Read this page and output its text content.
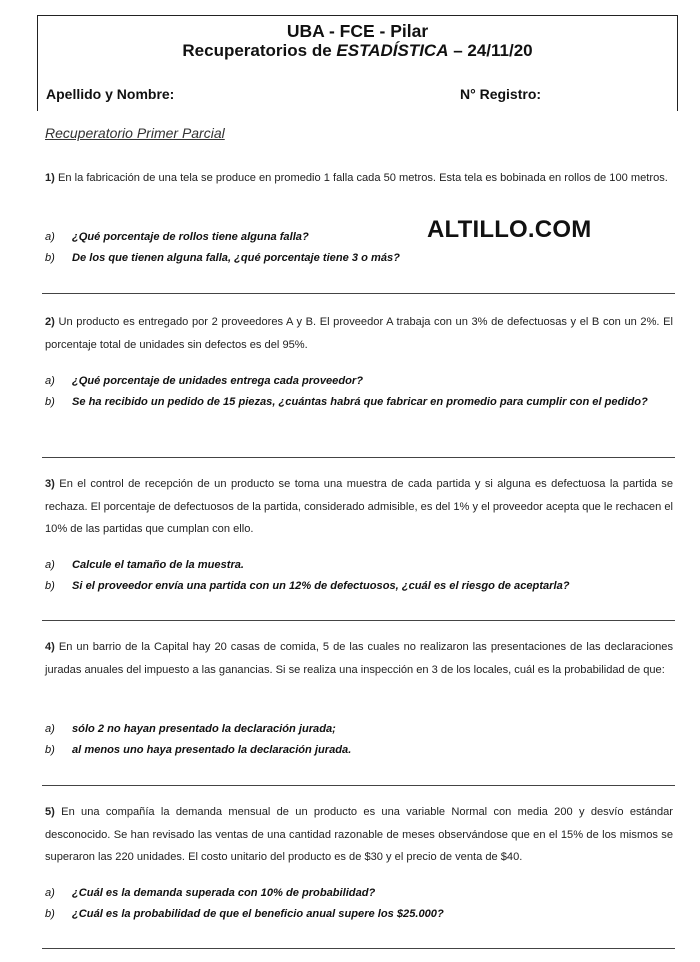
UBA - FCE - Pilar
Recuperatorios de ESTADÍSTICA – 24/11/20
Apellido y Nombre:	N° Registro:
Recuperatorio Primer Parcial
1) En la fabricación de una tela se produce en promedio 1 falla cada 50 metros. Esta tela es bobinada en rollos de 100 metros.
ALTILLO.COM
a) ¿Qué porcentaje de rollos tiene alguna falla?
b) De los que tienen alguna falla, ¿qué porcentaje tiene 3 o más?
2) Un producto es entregado por 2 proveedores A y B. El proveedor A trabaja con un 3% de defectuosas y el B con un 2%. El porcentaje total de unidades sin defectos es del 95%.
a) ¿Qué porcentaje de unidades entrega cada proveedor?
b) Se ha recibido un pedido de 15 piezas, ¿cuántas habrá que fabricar en promedio para cumplir con el pedido?
3) En el control de recepción de un producto se toma una muestra de cada partida y si alguna es defectuosa la partida se rechaza. El porcentaje de defectuosos de la partida, considerado admisible, es del 1% y el proveedor acepta que le rechacen el 10% de las partidas que cumplan con ello.
a) Calcule el tamaño de la muestra.
b) Si el proveedor envía una partida con un 12% de defectuosos, ¿cuál es el riesgo de aceptarla?
4) En un barrio de la Capital hay 20 casas de comida, 5 de las cuales no realizaron las presentaciones de las declaraciones juradas anuales del impuesto a las ganancias. Si se realiza una inspección en 3 de los locales, cuál es la probabilidad de que:
a) sólo 2 no hayan presentado la declaración jurada;
b) al menos uno haya presentado la declaración jurada.
5) En una compañía la demanda mensual de un producto es una variable Normal con media 200 y desvío estándar desconocido. Se han revisado las ventas de una cantidad razonable de meses observándose que en el 15% de los mismos se superaron las 220 unidades. El costo unitario del producto es de $30 y el precio de venta de $40.
a) ¿Cuál es la demanda superada con 10% de probabilidad?
b) ¿Cuál es la probabilidad de que el beneficio anual supere los $25.000?
